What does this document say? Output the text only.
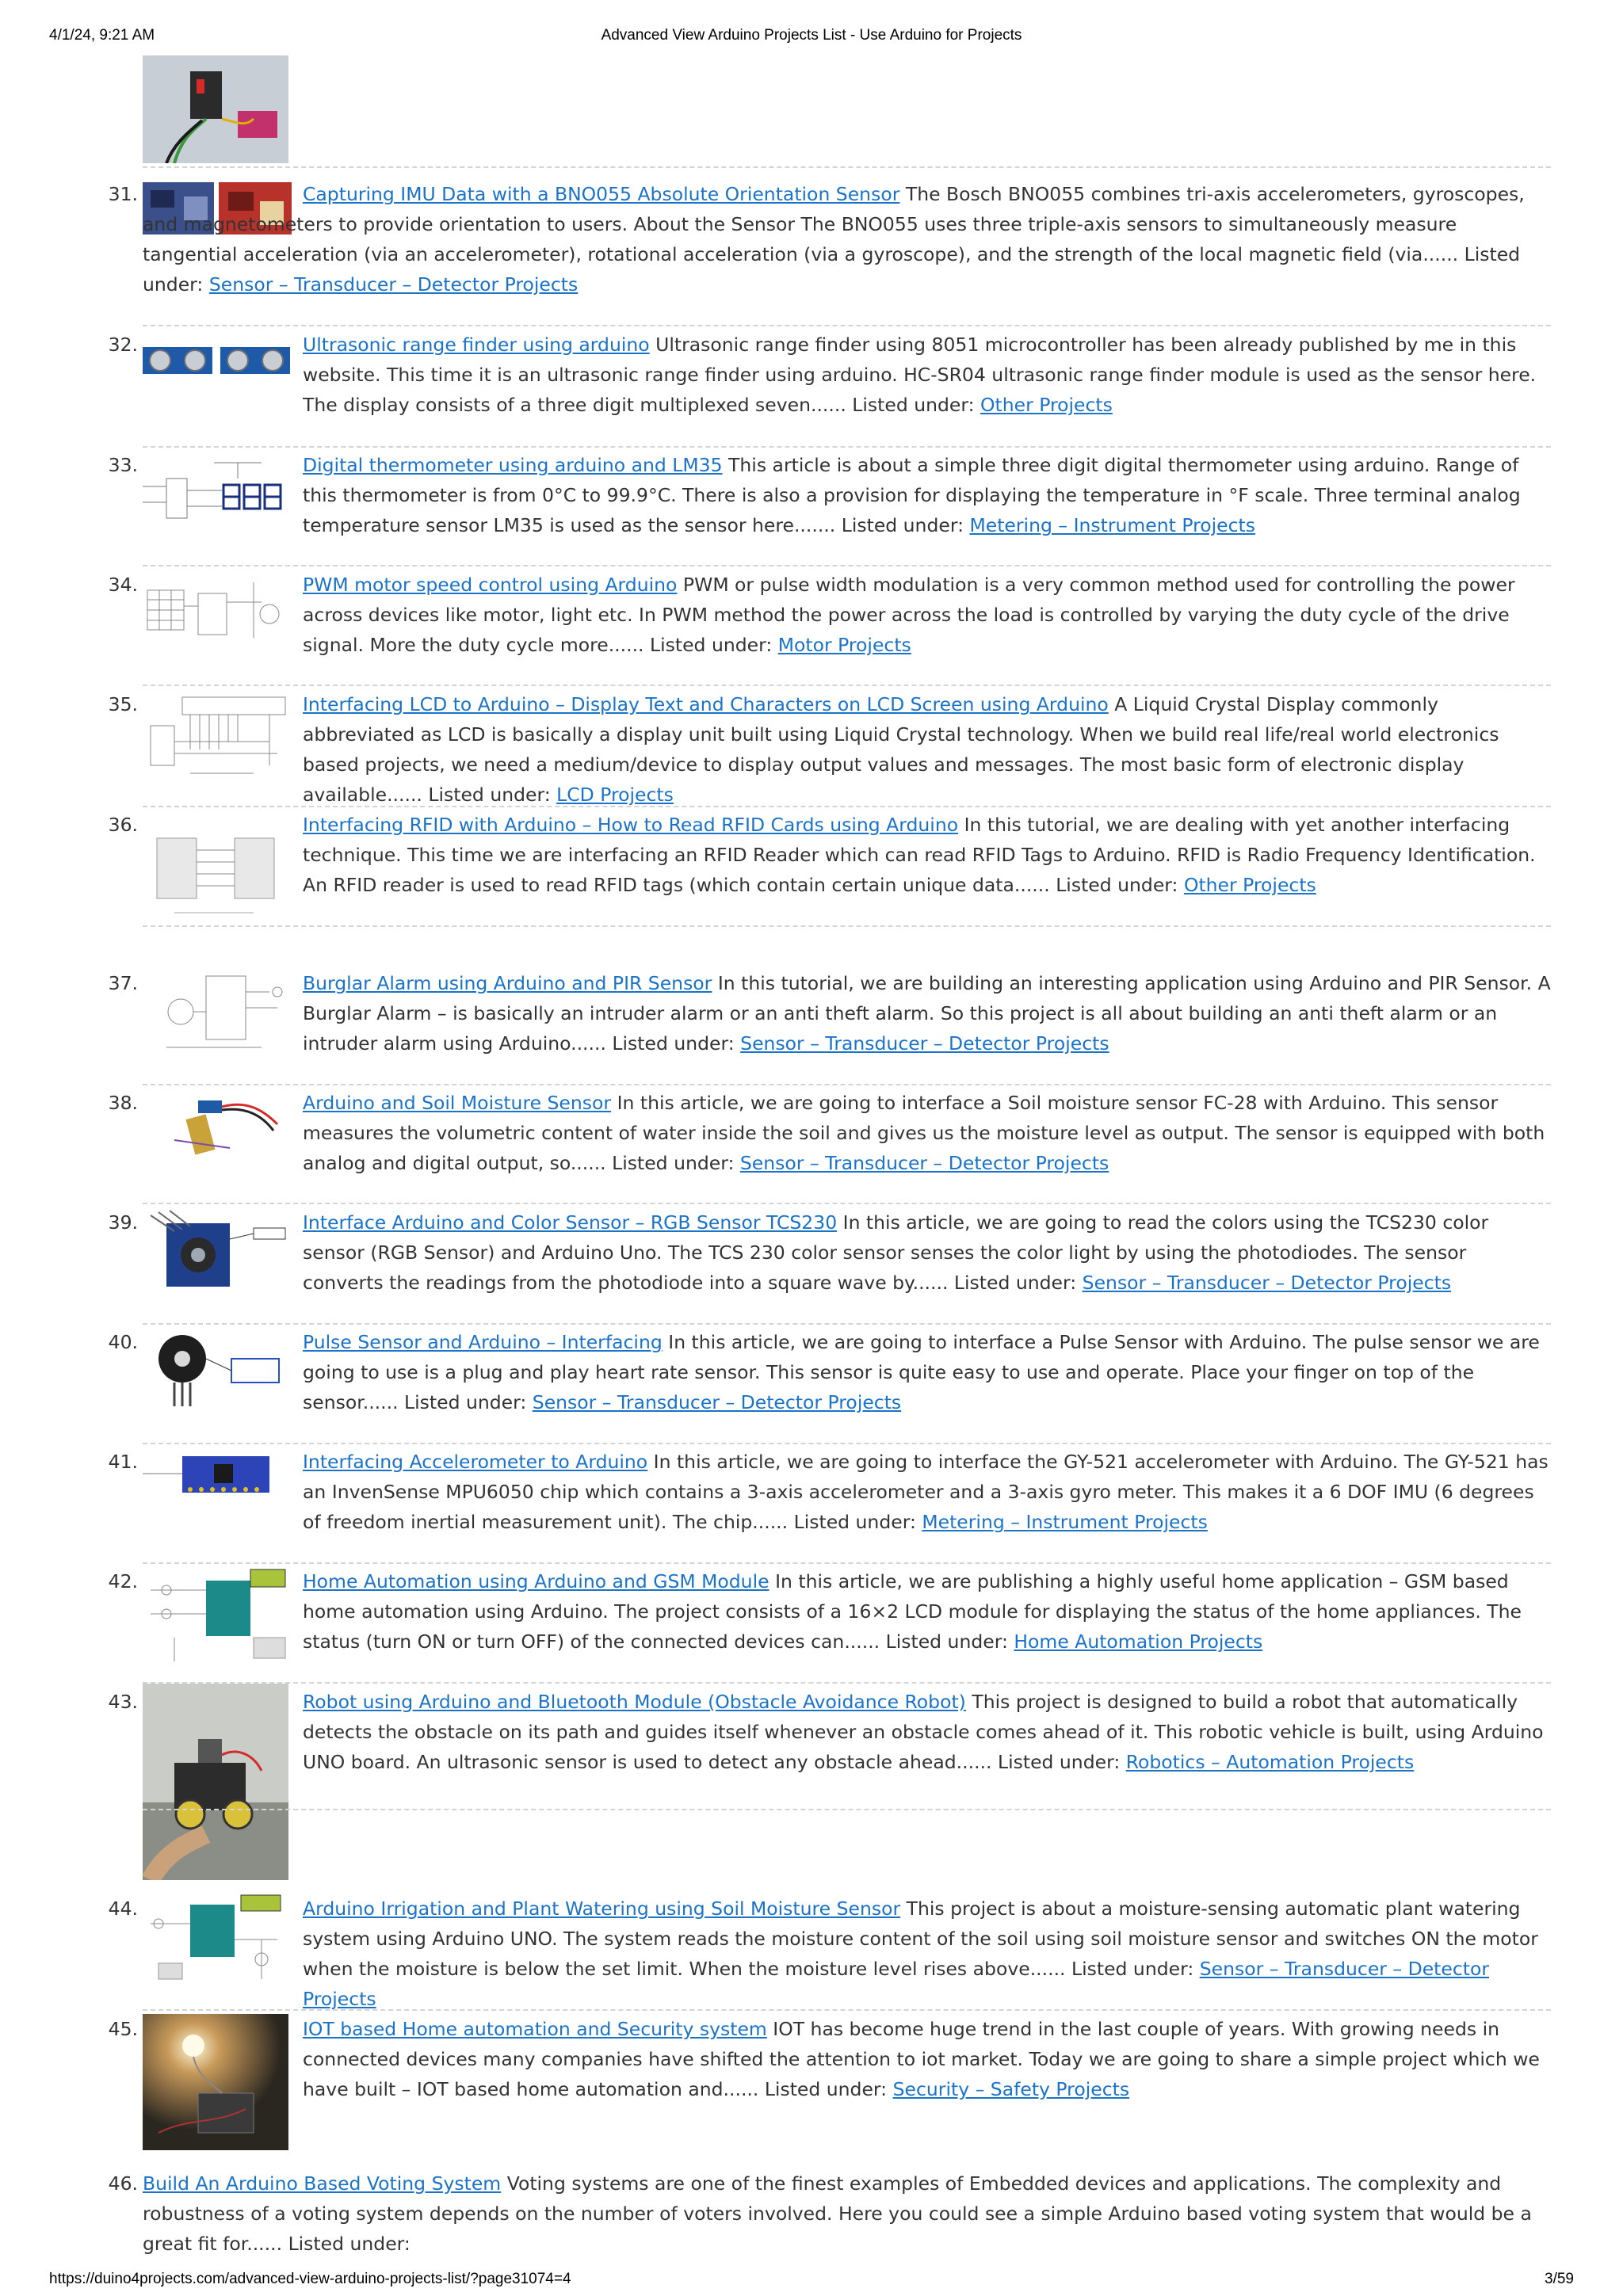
4/1/24, 9:21 AM	Advanced View Arduino Projects List - Use Arduino for Projects
31.	Capturing IMU Data with a BNO055 Absolute Orientation Sensor The Bosch BNO055 combines tri-axis accelerometers, gyroscopes, and magnetometers to provide orientation to users. About the Sensor The BNO055 uses three triple-axis sensors to simultaneously measure tangential acceleration (via an accelerometer), rotational acceleration (via a gyroscope), and the strength of the local magnetic field (via...... Listed under: Sensor – Transducer – Detector Projects
32.	Ultrasonic range finder using arduino Ultrasonic range finder using 8051 microcontroller has been already published by me in this website. This time it is an ultrasonic range finder using arduino. HC-SR04 ultrasonic range finder module is used as the sensor here. The display consists of a three digit multiplexed seven...... Listed under: Other Projects
33.	Digital thermometer using arduino and LM35 This article is about a simple three digit digital thermometer using arduino. Range of this thermometer is from 0°C to 99.9°C. There is also a provision for displaying the temperature in °F scale. Three terminal analog temperature sensor LM35 is used as the sensor here....... Listed under: Metering – Instrument Projects
34.	PWM motor speed control using Arduino PWM or pulse width modulation is a very common method used for controlling the power across devices like motor, light etc. In PWM method the power across the load is controlled by varying the duty cycle of the drive signal. More the duty cycle more...... Listed under: Motor Projects
35.	Interfacing LCD to Arduino – Display Text and Characters on LCD Screen using Arduino A Liquid Crystal Display commonly abbreviated as LCD is basically a display unit built using Liquid Crystal technology. When we build real life/real world electronics based projects, we need a medium/device to display output values and messages. The most basic form of electronic display available...... Listed under: LCD Projects
36.	Interfacing RFID with Arduino – How to Read RFID Cards using Arduino In this tutorial, we are dealing with yet another interfacing technique. This time we are interfacing an RFID Reader which can read RFID Tags to Arduino. RFID is Radio Frequency Identification. An RFID reader is used to read RFID tags (which contain certain unique data...... Listed under: Other Projects
37.	Burglar Alarm using Arduino and PIR Sensor In this tutorial, we are building an interesting application using Arduino and PIR Sensor. A Burglar Alarm – is basically an intruder alarm or an anti theft alarm. So this project is all about building an anti theft alarm or an intruder alarm using Arduino...... Listed under: Sensor – Transducer – Detector Projects
38.	Arduino and Soil Moisture Sensor In this article, we are going to interface a Soil moisture sensor FC-28 with Arduino. This sensor measures the volumetric content of water inside the soil and gives us the moisture level as output. The sensor is equipped with both analog and digital output, so...... Listed under: Sensor – Transducer – Detector Projects
39.	Interface Arduino and Color Sensor – RGB Sensor TCS230 In this article, we are going to read the colors using the TCS230 color sensor (RGB Sensor) and Arduino Uno. The TCS 230 color sensor senses the color light by using the photodiodes. The sensor converts the readings from the photodiode into a square wave by...... Listed under: Sensor – Transducer – Detector Projects
40.	Pulse Sensor and Arduino – Interfacing In this article, we are going to interface a Pulse Sensor with Arduino. The pulse sensor we are going to use is a plug and play heart rate sensor. This sensor is quite easy to use and operate. Place your finger on top of the sensor...... Listed under: Sensor – Transducer – Detector Projects
41.	Interfacing Accelerometer to Arduino In this article, we are going to interface the GY-521 accelerometer with Arduino. The GY-521 has an InvenSense MPU6050 chip which contains a 3-axis accelerometer and a 3-axis gyro meter. This makes it a 6 DOF IMU (6 degrees of freedom inertial measurement unit). The chip...... Listed under: Metering – Instrument Projects
42.	Home Automation using Arduino and GSM Module In this article, we are publishing a highly useful home application – GSM based home automation using Arduino. The project consists of a 16×2 LCD module for displaying the status of the home appliances. The status (turn ON or turn OFF) of the connected devices can...... Listed under: Home Automation Projects
43.	Robot using Arduino and Bluetooth Module (Obstacle Avoidance Robot) This project is designed to build a robot that automatically detects the obstacle on its path and guides itself whenever an obstacle comes ahead of it. This robotic vehicle is built, using Arduino UNO board. An ultrasonic sensor is used to detect any obstacle ahead...... Listed under: Robotics – Automation Projects
44.	Arduino Irrigation and Plant Watering using Soil Moisture Sensor This project is about a moisture-sensing automatic plant watering system using Arduino UNO. The system reads the moisture content of the soil using soil moisture sensor and switches ON the motor when the moisture is below the set limit. When the moisture level rises above...... Listed under: Sensor – Transducer – Detector Projects
45.	IOT based Home automation and Security system IOT has become huge trend in the last couple of years. With growing needs in connected devices many companies have shifted the attention to iot market. Today we are going to share a simple project which we have built – IOT based home automation and...... Listed under: Security – Safety Projects
46. Build An Arduino Based Voting System Voting systems are one of the finest examples of Embedded devices and applications. The complexity and robustness of a voting system depends on the number of voters involved. Here you could see a simple Arduino based voting system that would be a great fit for...... Listed under:
https://duino4projects.com/advanced-view-arduino-projects-list/?page31074=4	3/59
